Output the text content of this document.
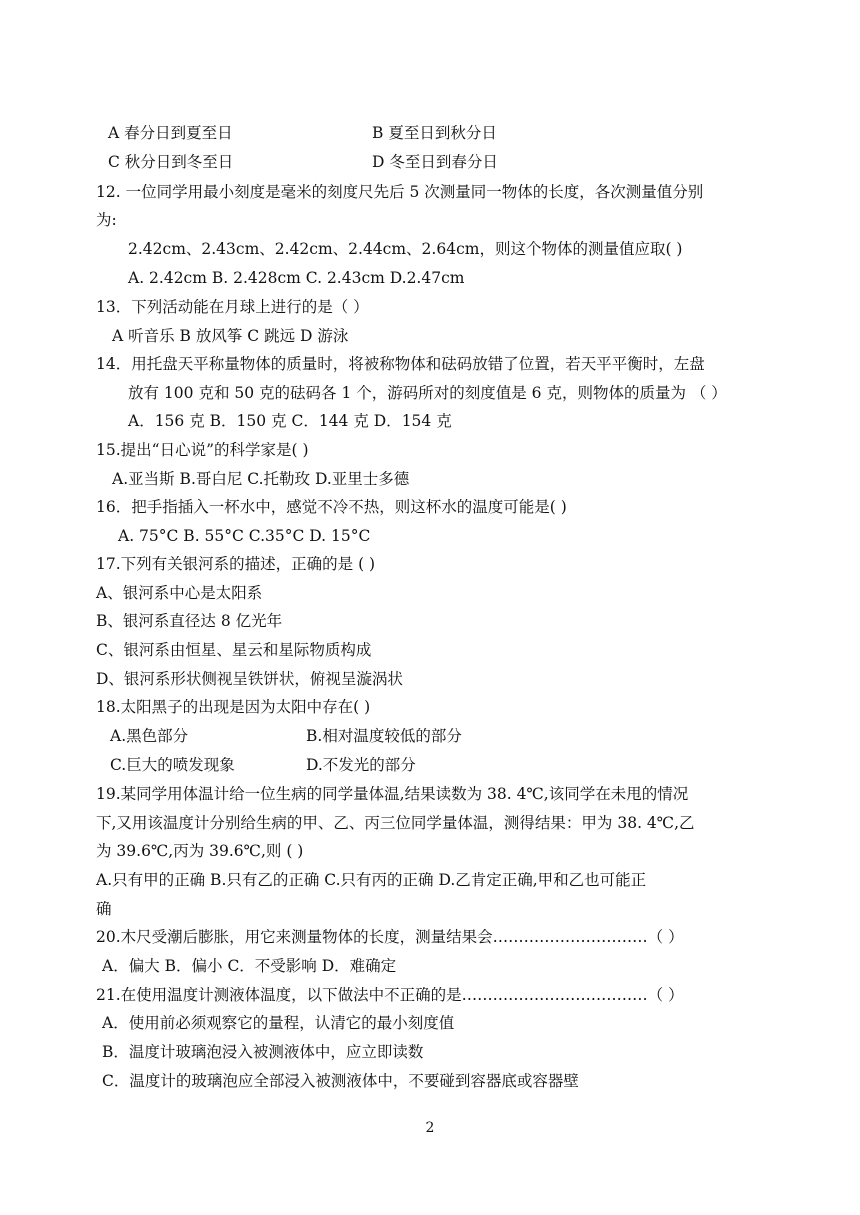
A 春分日到夏至日	B 夏至日到秋分日
C 秋分日到冬至日	D 冬至日到春分日
12. 一位同学用最小刻度是毫米的刻度尺先后 5 次测量同一物体的长度，各次测量值分别
为:
2.42cm、2.43cm、2.42cm、2.44cm、2.64cm，则这个物体的测量值应取( )
A. 2.42cm B. 2.428cm C. 2.43cm D.2.47cm
13．下列活动能在月球上进行的是（ ）
A 听音乐 B 放风筝 C 跳远 D 游泳
14．用托盘天平称量物体的质量时，将被称物体和砝码放错了位置，若天平平衡时，左盘
放有 100 克和 50 克的砝码各 1 个，游码所对的刻度值是 6 克，则物体的质量为 （ ）
A．156 克 B．150 克 C．144 克 D．154 克
15.提出“日心说”的科学家是( )
A.亚当斯 B.哥白尼 C.托勒玫 D.亚里士多德
16．把手指插入一杯水中，感觉不冷不热，则这杯水的温度可能是( )
A. 75°C B. 55°C C.35°C D. 15°C
17.下列有关银河系的描述，正确的是 ( )
A、银河系中心是太阳系
B、银河系直径达 8 亿光年
C、银河系由恒星、星云和星际物质构成
D、银河系形状侧视呈铁饼状，俯视呈漩涡状
18.太阳黑子的出现是因为太阳中存在( )
A.黑色部分	B.相对温度较低的部分
C.巨大的喷发现象	D.不发光的部分
19.某同学用体温计给一位生病的同学量体温,结果读数为 38. 4℃,该同学在未甩的情况
下,又用该温度计分别给生病的甲、乙、丙三位同学量体温，测得结果：甲为 38. 4℃,乙
为 39.6℃,丙为 39.6℃,则 ( )
A.只有甲的正确 B.只有乙的正确 C.只有丙的正确 D.乙肯定正确,甲和乙也可能正
确
20.木尺受潮后膨胀，用它来测量物体的长度，测量结果会…………………………（ ）
A．偏大 B．偏小 C．不受影响 D．难确定
21.在使用温度计测液体温度，以下做法中不正确的是………………………………（ ）
A．使用前必须观察它的量程，认清它的最小刻度值
B．温度计玻璃泡浸入被测液体中，应立即读数
C．温度计的玻璃泡应全部浸入被测液体中，不要碰到容器底或容器壁
2
